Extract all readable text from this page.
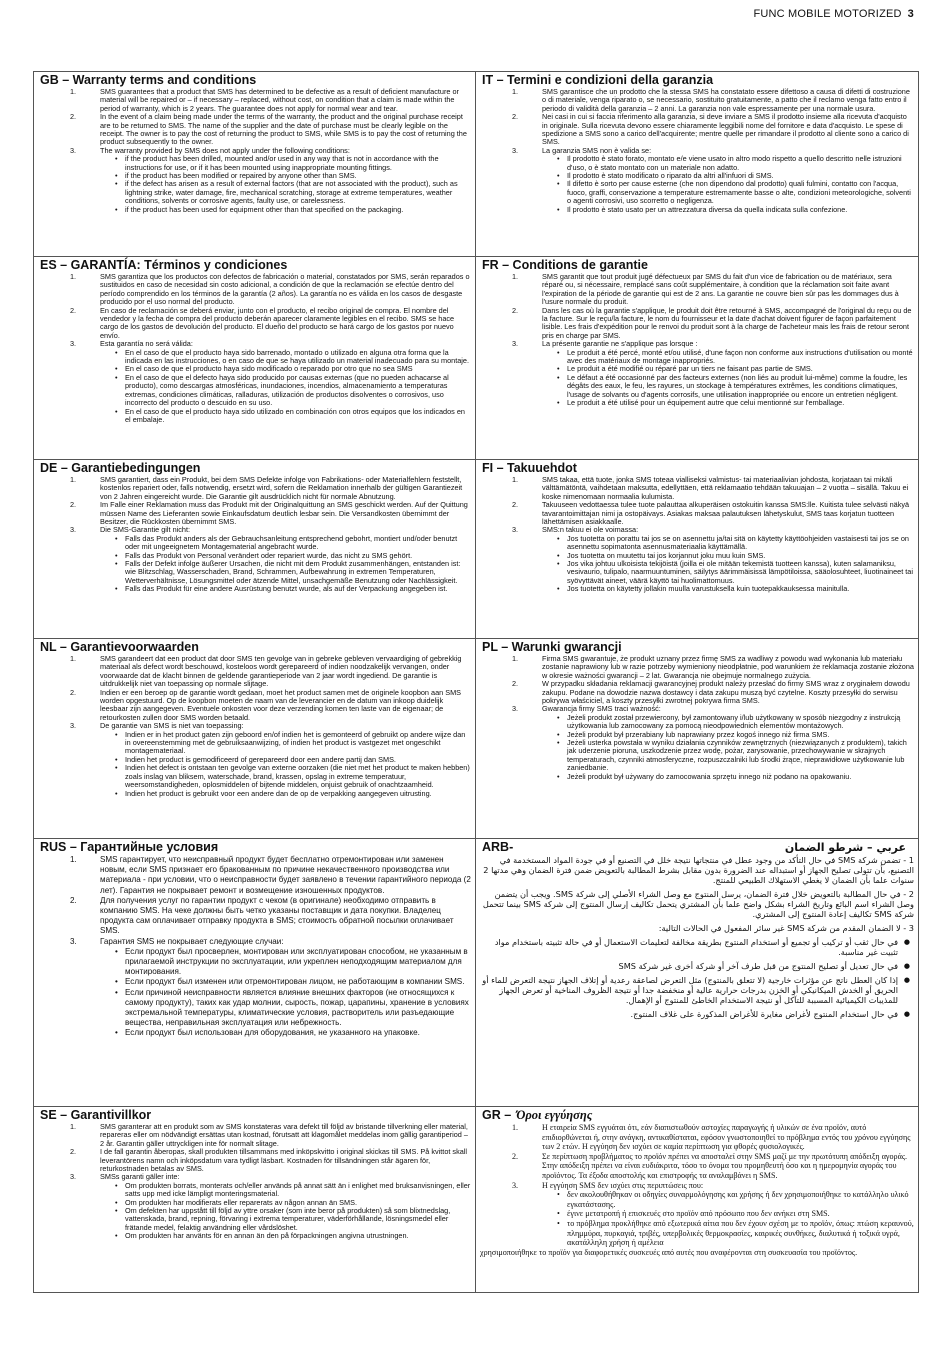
FUNC MOBILE MOTORIZED 3
GB – Warranty terms and conditions
1.	SMS guarantees that a product that SMS has determined to be defective as a result of deficient manufacture or material will be repaired or – if necessary – replaced, without cost, on condition that a claim is made within the period of warranty, which is 2 years. The guarantee does not apply for normal wear and tear.
2.	In the event of a claim being made under the terms of the warranty, the product and the original purchase receipt are to be returned to SMS. The name of the supplier and the date of purchase must be clearly legible on the receipt. The owner is to pay the cost of returning the product to SMS, while SMS is to pay the cost of returning the product subsequently to the owner.
3.	The warranty provided by SMS does not apply under the following conditions:
• if the product has been drilled, mounted and/or used in any way that is not in accordance with the instructions for use, or if it has been mounted using inappropriate mounting fittings.
• if the product has been modified or repaired by anyone other than SMS.
• if the defect has arisen as a result of external factors (that are not associated with the product), such as lightning strike, water damage, fire, mechanical scratching, storage at extreme temperatures, weather conditions, solvents or corrosive agents, faulty use, or carelessness.
• if the product has been used for equipment other than that specified on the packaging.
IT – Termini e condizioni della garanzia
1.	SMS garantisce che un prodotto che la stessa SMS ha constatato essere difettoso a causa di difetti di costruzione o di materiale, venga riparato o, se necessario, sostituito gratuitamente, a patto che il reclamo venga fatto entro il periodo di validità della garanzia – 2 anni. La garanzia non vale espressamente per una normale usura.
2.	Nei casi in cui si faccia riferimento alla garanzia, si deve inviare a SMS il prodotto insieme alla ricevuta d'acquisto in originale. Sulla ricevuta devono essere chiaramente leggibili nome del fornitore e data d'acquisto. Le spese di spedizione a SMS sono a carico dell'acquirente; mentre quelle per rimandare il prodotto al cliente sono a carico di SMS.
3.	La garanzia SMS non è valida se:
• Il prodotto è stato forato, montato e/e viene usato in altro modo rispetto a quello descritto nelle istruzioni d'uso, o è stato montato con un materiale non adatto.
• Il prodotto è stato modificato o riparato da altri all'infuori di SMS.
• Il difetto è sorto per cause esterne (che non dipendono dal prodotto) quali fulmini, contatto con l'acqua, fuoco, graffi, conservazione a temperature estremamente basse o alte, condizioni meteorologiche, solventi o agenti corrosivi, uso scorretto o negligenza.
• Il prodotto è stato usato per un attrezzatura diversa da quella indicata sulla confezione.
ES – GARANTÍA: Términos y condiciones
1.	SMS garantiza que los productos con defectos de fabricación o material, constatados por SMS, serán reparados o sustituidos en caso de necesidad sin costo adicional, a condición de que la reclamación se efectúe dentro del período comprendido en los términos de la garantía (2 años). La garantía no es válida en los casos de desgaste producido por el uso normal del producto.
2.	En caso de reclamación se deberá enviar, junto con el producto, el recibo original de compra. El nombre del vendedor y la fecha de compra del producto deberán aparecer claramente legibles en el recibo. SMS se hace cargo de los gastos de devolución del producto. El dueño del producto se hará cargo de los gastos por nuevo envío.
3.	Esta garantía no será válida:
• En el caso de que el producto haya sido barrenado, montado o utilizado en alguna otra forma que la indicada en las instrucciones, o en caso de que se haya utilizado un material inadecuado para su montaje.
• En el caso de que el producto haya sido modificado o reparado por otro que no sea SMS
• En el caso de que el defecto haya sido producido por causas externas (que no pueden achacarse al producto), como descargas atmosféricas, inundaciones, incendios, almacenamiento a temperaturas extremas, condiciones climáticas, ralladuras, utilización de productos disolventes o corrosivos, uso incorrecto del producto o descuido en su uso.
• En el caso de que el producto haya sido utilizado en combinación con otros equipos que los indicados en el embalaje.
FR – Conditions de garantie
1.	SMS garantit que tout produit jugé défectueux par SMS du fait d'un vice de fabrication ou de matériaux, sera réparé ou, si nécessaire, remplacé sans coût supplémentaire, à condition que la réclamation soit faite avant l'expiration de la période de garantie qui est de 2 ans. La garantie ne couvre bien sûr pas les dommages dus à l'usure normale du produit.
2.	Dans les cas où la garantie s'applique, le produit doit être retourné à SMS, accompagné de l'original du reçu ou de la facture. Sur le reçu/la facture, le nom du fournisseur et la date d'achat doivent figurer de façon parfaitement lisible. Les frais d'expédition pour le renvoi du produit sont à la charge de l'acheteur mais les frais de retour seront pris en charge par SMS.
3.	La présente garantie ne s'applique pas lorsque :
• Le produit a été percé, monté et/ou utilisé, d'une façon non conforme aux instructions d'utilisation ou monté avec des matériaux de montage inappropriés.
• Le produit a été modifié ou réparé par un tiers ne faisant pas partie de SMS.
• Le défaut a été occasionné par des facteurs externes (non liés au produit lui-même) comme la foudre, les dégâts des eaux, le feu, les rayures, un stockage à températures extrêmes, les conditions climatiques, l'usage de solvants ou d'agents corrosifs, une utilisation inappropriée ou encore un entretien négligent.
• Le produit a été utilisé pour un équipement autre que celui mentionné sur l'emballage.
DE – Garantiebedingungen
1.	SMS garantiert, dass ein Produkt, bei dem SMS Defekte infolge von Fabrikations- oder Materialfehlern feststellt, kostenlos repariert oder, falls notwendig, ersetzt wird, sofern die Reklamation innerhalb der gültigen Garantiezeit von 2 Jahren eingereicht wurde. Die Garantie gilt ausdrücklich nicht für normale Abnutzung.
2.	Im Falle einer Reklamation muss das Produkt mit der Originalquittung an SMS geschickt werden. Auf der Quittung müssen Name des Lieferanten sowie Einkaufsdatum deutlich lesbar sein. Die Versandkosten übernimmt der Besitzer, die Rückkosten übernimmt SMS.
3.	Die SMS-Garantie gilt nicht:
• Falls das Produkt anders als der Gebrauchsanleitung entsprechend gebohrt, montiert und/oder benutzt oder mit ungeeignetem Montagematerial angebracht wurde.
• Falls das Produkt von Personal verändert oder repariert wurde, das nicht zu SMS gehört.
• Falls der Defekt infolge äußerer Ursachen, die nicht mit dem Produkt zusammenhängen, entstanden ist: wie Blitzschlag, Wasserschaden, Brand, Schrammen, Aufbewahrung in extremen Temperaturen, Wetterverhältnisse, Lösungsmittel oder ätzende Mittel, unsachgemäße Benutzung oder Nachlässigkeit.
• Falls das Produkt für eine andere Ausrüstung benutzt wurde, als auf der Verpackung angegeben ist.
FI – Takuuehdot
1.	SMS takaa, että tuote, jonka SMS toteaa vialliseksi valmistus- tai materiaalivian johdosta, korjataan tai mikäli välttämätöntä, vaihdetaan maksutta, edellyttäen, että reklamaatio tehdään takuuajan – 2 vuotta – sisällä. Takuu ei koske nimenomaan normaalia kulumista.
2.	Takuuseen vedottaessa tulee tuote palauttaa alkuperäisen ostokuitin kanssa SMS:lle. Kuitista tulee selvästi näkyä tavarantoimittajan nimi ja ostopäivays. Asiakas maksaa palautuksen lähetyskulut, SMS taas korjatun tuotteen lähettämisen asiakkaalle.
3.	SMS:n takuu ei ole voimassa:
• Jos tuotetta on porattu tai jos se on asennettu ja/tai sitä on käytetty käyttöohjeiden vastaisesti tai jos se on asennettu sopimatonta asennusmateriaalia käyttämällä.
• Jos tuotetta on muutettu tai jos korjannut joku muu kuin SMS.
• Jos vika johtuu ulkoisista tekijöistä (joilla ei ole mitään tekemistä tuotteen kanssa), kuten salamaniksu, vesivaurio, tulipalo, naarmuuntuminen, säilytys äärimmäisissä lämpötiloissa, sääolosuhteet, liuotinaineet tai syövyttävät aineet, väärä käyttö tai huolimattomuus.
• Jos tuotetta on käytetty jollakin muulla varustuksella kuin tuotepakkauksessa mainitulla.
NL – Garantievoorwaarden
1.	SMS garandeert dat een product dat door SMS ten gevolge van in gebreke gebleven vervaardiging of gebrekkig materiaal als defect wordt beschouwd, kosteloos wordt gerepareerd of indien noodzakelijk vervangen, onder voorwaarde dat de klacht binnen de geldende garantieperiode van 2 jaar wordt ingediend. De garantie is uitdrukkelijk niet van toepassing op normale slijtage.
2.	Indien er een beroep op de garantie wordt gedaan, moet het product samen met de originele koopbon aan SMS worden opgestuurd. Op de koopbon moeten de naam van de leverancier en de datum van inkoop duidelijk leesbaar zijn aangegeven. Eventuele onkosten voor deze verzending komen ten laste van de eigenaar; de retourkosten zullen door SMS worden betaald.
3.	De garantie van SMS is niet van toepassing:
• Indien er in het product gaten zijn geboord en/of indien het is gemonteerd of gebruikt op andere wijze dan in overeenstemming met de gebruiksaanwijzing, of indien het product is vastgezet met ongeschikt montagemateriaal.
• Indien het product is gemodificeerd of gerepareerd door een andere partij dan SMS.
• Indien het defect is ontstaan ten gevolge van externe oorzaken (die niet met het product te maken hebben) zoals inslag van bliksem, waterschade, brand, krassen, opslag in extreme temperatuur, weersomstandigheden, oplosmiddelen of bijtende middelen, onjuist gebruik of onachtzaamheid.
• Indien het product is gebruikt voor een andere dan de op de verpakking aangegeven uitrusting.
PL – Warunki gwarancji
1.	Firma SMS gwarantuje, że produkt uznany przez firmę SMS za wadliwy z powodu wad wykonania lub materiału zostanie naprawiony lub w razie potrzeby wymieniony nieodpłatnie, pod warunkiem że reklamacja zostanie złożona w okresie ważności gwarancji – 2 lat. Gwarancja nie obejmuje normalnego zużycia.
2.	W przypadku składania reklamacji gwarancyjnej produkt należy przesłać do firmy SMS wraz z oryginałem dowodu zakupu. Podane na dowodzie nazwa dostawcy i data zakupu muszą być czytelne. Koszty przesyłki do serwisu pokrywa właściciel, a koszty przesyłki zwrotnej pokrywa firma SMS.
3.	Gwarancja firmy SMS traci ważność:
• Jeżeli produkt został przewiercony, był zamontowany i/lub użytkowany w sposób niezgodny z instrukcją użytkowania lub zamocowany za pomocą nieodpowiednich elementów montażowych.
• Jeżeli produkt był przerabiany lub naprawiany przez kogoś innego niż firma SMS.
• Jeżeli usterka powstała w wyniku działania czynników zewnętrznych (niezwiązanych z produktem), takich jak uderzenie pioruna, uszkodzenie przez wodę, pożar, zarysowanie, przechowywanie w skrajnych temperaturach, czynniki atmosferyczne, rozpuszczalniki lub środki żrące, nieprawidłowe użytkowanie lub zaniedbanie.
• Jeżeli produkt był używany do zamocowania sprzętu innego niż podano na opakowaniu.
RUS – Гарантийные условия
1.	SMS гарантирует, что неисправный продукт будет бесплатно отремонтирован или заменен новым, если SMS признает его бракованным по причине некачественного производства или материала - при условии, что о неисправности будет заявлено в течении гарантийного периода (2 лет). Гарантия не покрывает ремонт и возмещение изношенных продуктов.
2.	Для получения услуг по гарантии продукт с чеком (в оригинале) необходимо отправить в компанию SMS. На чеке должны быть четко указаны поставщик и дата покупки. Владелец продукта сам оплачивает отправку продукта в SMS; стоимость обратной посылки оплачивает SMS.
3.	Гарантия SMS не покрывает следующие случаи:
• Если продукт был просверлен, монтирован или эксплуатирован способом, не указанным в прилагаемой инструкции по эксплуатации, или укреплен неподходящим материалом для монтирования.
• Если продукт был изменен или отремонтирован лицом, не работающим в компании SMS.
• Если причиной неисправности является влияние внешних факторов (не относящихся к самому продукту), таких как удар молнии, сырость, пожар, царапины, хранение в условиях экстремальной температуры, климатические условия, растворитель или разъедающие вещества, неправильная эксплуатация или небрежность.
• Если продукт был использован для оборудования, не указанного на упаковке.
ARB-	عربي – شرطو الضمان

1 - تضمن شركة SMS في حال التأكد من وجود عطل في منتجاتها نتيجة خلل في التصنيع أو في جودة المواد المستخدمة في التصنيع، بأن تتولى تصليح الجهاز أو استبداله عند الضرورة بدون مقابل بشرط المطالبة بالتعويض ضمن فترة الضمان وهي مدتها 2 سنوات علما بأن الضمان لا يغطي الاستهلاك الطبيعي للمنتج.

2 - في حال المطالبة بالتعويض خلال فترة الضمان، يرسل المنتوج مع وصل الشراء الأصلي إلى شركة SMS. ويجب أن يتضمن وصل الشراء اسم البائع وتاريخ الشراء بشكل واضح علما بأن المشتري يتحمل تكاليف إرسال المنتوج إلى شركة SMS بينما تتحمل شركة SMS تكاليف إعادة المنتوج إلى المشتري.

3 - لا الضمان المقدم من شركة SMS غير سائر المفعول في الحالات التالية:

في حال ثقب أو تركيب أو تجميع أو استخدام المنتوج بطريقة مخالفة لتعليمات الاستعمال أو في حالة تثبيته باستخدام مواد تثبيت غير مناسبة. ●

في حال تعديل أو تصليح المنتوج من قبل طرف آخر أو شركة أخرى غير شركة SMS ●

إذا كان العطل ناتج عن مؤثرات خارجية (لا تتعلق بالمنتوج) مثل التعرض لصاعقة رعدية أو إتلاف الجهاز نتيجة التعرض للماء أو الحريق أو الخدش الميكانيكي أو الخزن بدرجات حرارية عالية أو منخفضة جدا أو نتيجة الظروف المناخية أو تعرض الجهاز للمذيبات الكيميائية المسببة للتآكل أو نتيجة الاستخدام الخاطئ للمنتوج أو الإهمال. ●

في حال استخدام المنتوج لأغراض مغايرة للأغراض المذكورة على غلاف المنتوج. ●

SE – Garantivillkor
1.	SMS garanterar att en produkt som av SMS konstateras vara defekt till följd av bristande tillverkning eller material, repareras eller om nödvändigt ersättas utan kostnad, förutsatt att klagomålet meddelas inom gällig garantiperiod – 2 år. Garantin gäller uttryckligen inte för normalt slitage.
2.	I de fall garantin åberopas, skall produkten tillsammans med inköpskvitto i original skickas till SMS. På kvittot skall leverantörens namn och inköpsdatum vara tydligt läsbart. Kostnaden för tillsändningen står ägaren för, returkostnaden betalas av SMS.
3.	SMSs garanti gäller inte:
• Om produkten borrats, monterats och/eller används på annat sätt än i enlighet med bruksanvisningen, eller satts upp med icke lämpligt monteringsmaterial.
• Om produkten har modifierats eller reparerats av någon annan än SMS.
• Om defekten har uppstått till följd av yttre orsaker (som inte beror på produkten) så som blixtnedslag, vattenskada, brand, repning, förvaring i extrema temperaturer, väderförhållande, lösningsmedel eller frätande medel, felaktig användning eller vårdslöshet.
• Om produkten har använts för en annan än den på förpackningen angivna utrustningen.
GR – Όροι εγγύησης
1.	Η εταιρεία SMS εγγυάται ότι, εάν διαπιστωθούν αστοχίες παραγωγής ή υλικών σε ένα προϊόν, αυτό επιδιορθώνεται ή, στην ανάγκη, αντικαθίσταται, εφόσον γνωστοποιηθεί το πρόβλημα εντός του χρόνου εγγύησης των 2 ετών. Η εγγύηση δεν ισχύει σε καμία περίπτωση για φθορές φυσιολογικές.
2.	Σε περίπτωση προβλήματος το προϊόν πρέπει να αποσταλεί στην SMS μαζί με την πρωτότυπη απόδειξη αγοράς. Στην απόδειξη πρέπει να είναι ευδιάκριτα, τόσο το όνομα του προμηθευτή όσο και η ημερομηνία αγοράς του προϊόντος. Τα έξοδα αποστολής και επιστροφής τα αναλαμβάνει η SMS.
3.	Η εγγύηση SMS δεν ισχύει στις περιπτώσεις που:
• δεν ακολουθήθηκαν οι οδηγίες συναρμολόγησης και χρήσης ή δεν χρησιμοποιήθηκε το κατάλληλο υλικό εγκατάστασης.
• έγινε μετατροπή ή επισκευές στο προϊόν από πρόσωπο που δεν ανήκει στη SMS.
• το πρόβλημα προκλήθηκε από εξωτερικά αίτια που δεν έχουν σχέση με το προϊόν, όπως: πτώση κεραυνού, πλημμύρα, πυρκαγιά, τριβές, υπερβολικές θερμοκρασίες, καιρικές συνθήκες, διαλυτικά ή τοξικά υγρά, ακατάλληλη χρήση ή αμέλεια
χρησιμοποιήθηκε το προϊόν για διαφορετικές συσκευές από αυτές που αναφέρονται στη συσκευασία του προϊόντος.
